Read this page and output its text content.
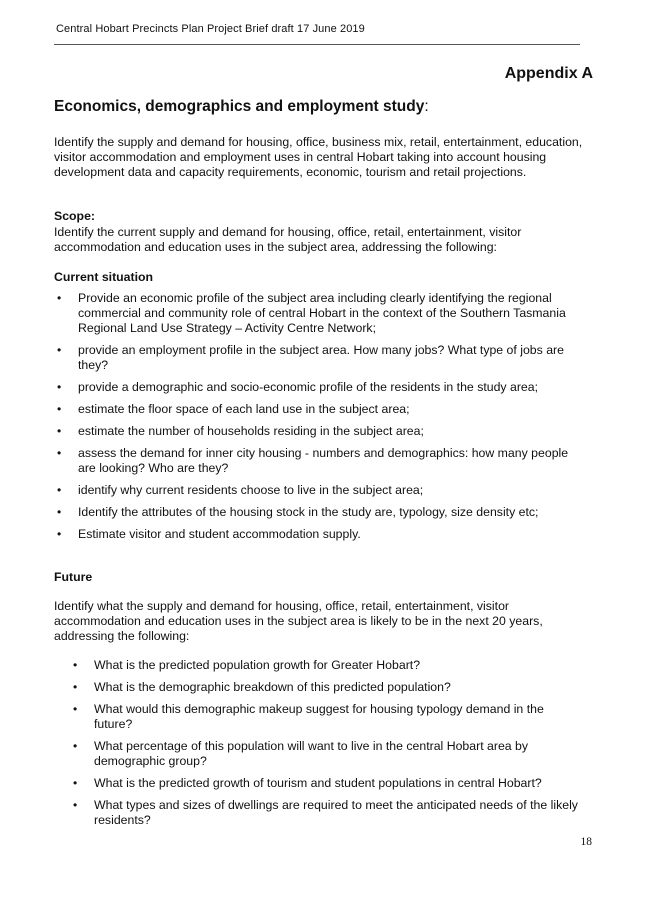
Central Hobart Precincts Plan Project Brief draft 17 June 2019
Appendix A
Economics, demographics and employment study:

Identify the supply and demand for housing, office, business mix, retail, entertainment, education, visitor accommodation and employment uses in central Hobart taking into account housing development data and capacity requirements, economic, tourism and retail projections.

Scope:

Identify the current supply and demand for housing, office, retail, entertainment, visitor accommodation and education uses in the subject area, addressing the following:

Current situation

• Provide an economic profile of the subject area including clearly identifying the regional commercial and community role of central Hobart in the context of the Southern Tasmania Regional Land Use Strategy – Activity Centre Network;
• provide an employment profile in the subject area. How many jobs? What type of jobs are they?
• provide a demographic and socio-economic profile of the residents in the study area;
• estimate the floor space of each land use in the subject area;
• estimate the number of households residing in the subject area;
• assess the demand for inner city housing - numbers and demographics: how many people are looking? Who are they?
• identify why current residents choose to live in the subject area;
• Identify the attributes of the housing stock in the study are, typology, size density etc;
• Estimate visitor and student accommodation supply.

Future

Identify what the supply and demand for housing, office, retail, entertainment, visitor accommodation and education uses in the subject area is likely to be in the next 20 years, addressing the following:

• What is the predicted population growth for Greater Hobart?
• What is the demographic breakdown of this predicted population?
• What would this demographic makeup suggest for housing typology demand in the future?
• What percentage of this population will want to live in the central Hobart area by demographic group?
• What is the predicted growth of tourism and student populations in central Hobart?
• What types and sizes of dwellings are required to meet the anticipated needs of the likely residents?
18
